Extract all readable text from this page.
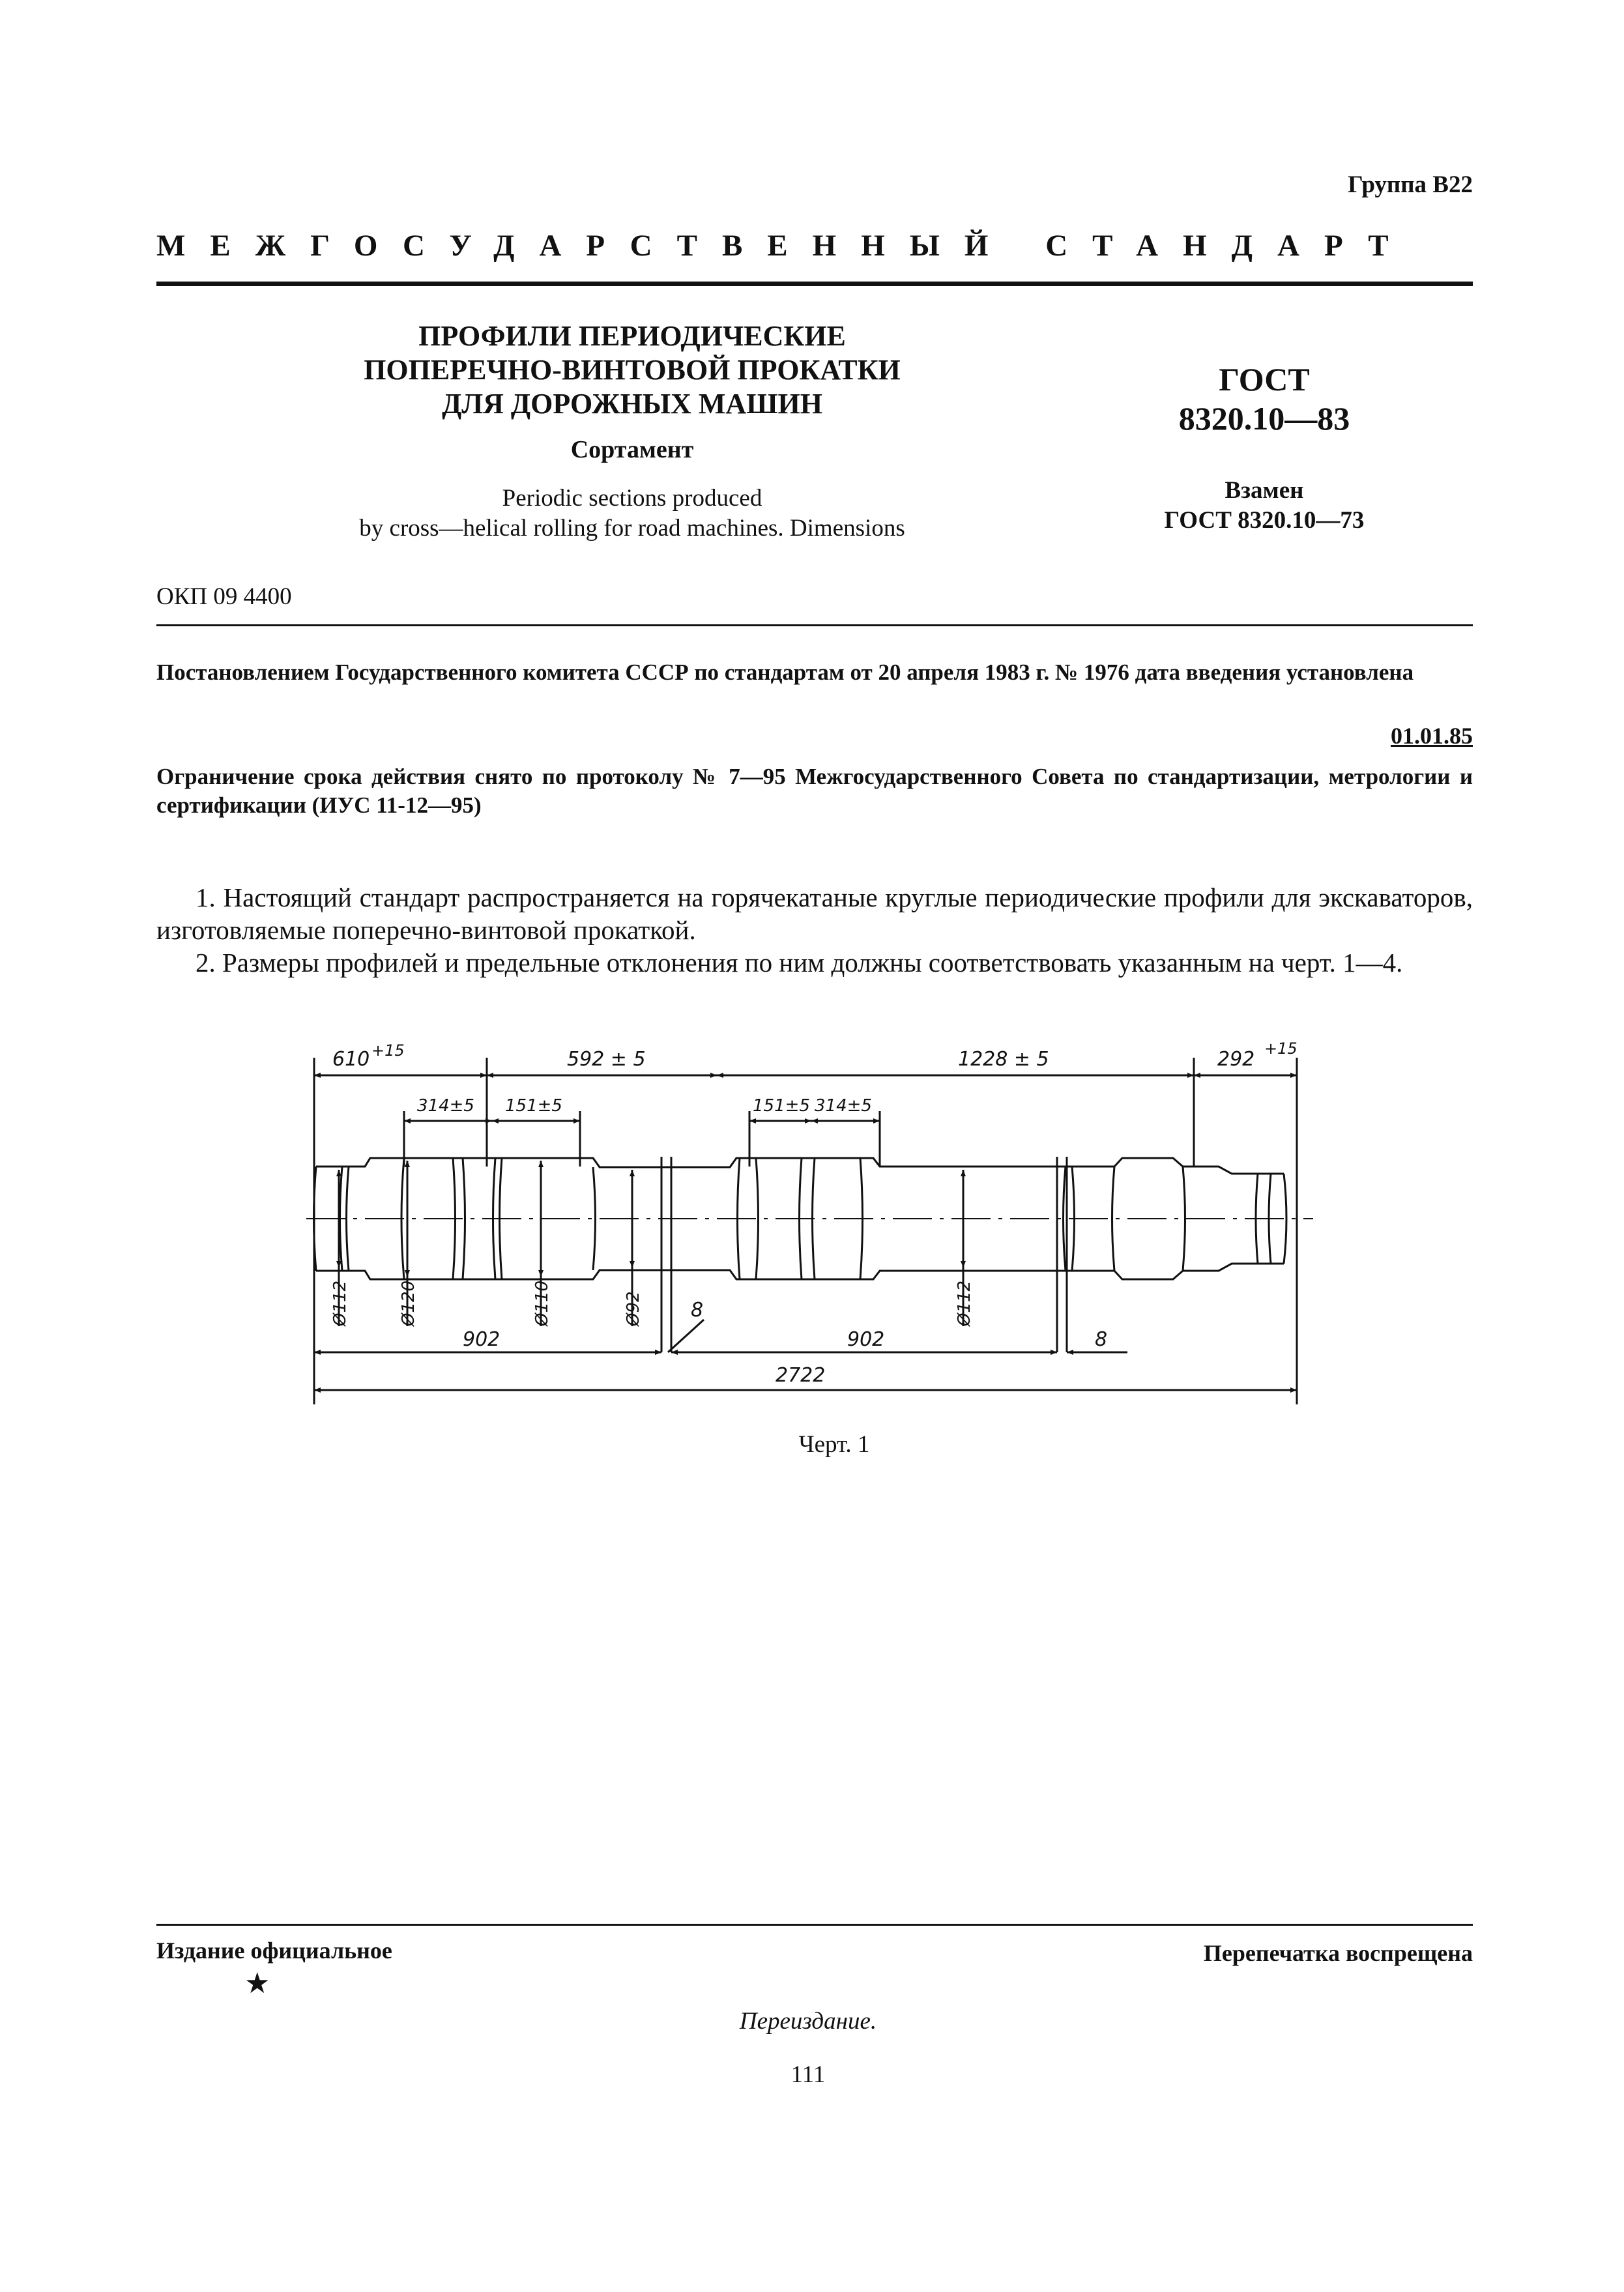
Группа В22
МЕЖГОСУДАРСТВЕННЫЙ СТАНДАРТ
ПРОФИЛИ ПЕРИОДИЧЕСКИЕ
ПОПЕРЕЧНО-ВИНТОВОЙ ПРОКАТКИ
ДЛЯ ДОРОЖНЫХ МАШИН
Сортамент
Periodic sections produced
by cross—helical rolling for road machines. Dimensions
ГОСТ
8320.10—83
Взамен
ГОСТ 8320.10—73
ОКП 09 4400
Постановлением Государственного комитета СССР по стандартам от 20 апреля 1983 г. № 1976 дата введения установлена
01.01.85
Ограничение срока действия снято по протоколу № 7—95 Межгосударственного Совета по стандартизации, метрологии и сертификации (ИУС 11-12—95)
1. Настоящий стандарт распространяется на горячекатаные круглые периодические профили для экскаваторов, изготовляемые поперечно-винтовой прокаткой.
2. Размеры профилей и предельные отклонения по ним должны соответствовать указанным на черт. 1—4.
610 +15	592 ± 5	1228 ± 5	292 +15
314±5 151±5	151±5 314±5
Ø112	Ø120	Ø110	Ø92	Ø112
902	902
8
8
2722
Черт. 1
Издание официальное	Перепечатка воспрещена
★
Переиздание.
111
